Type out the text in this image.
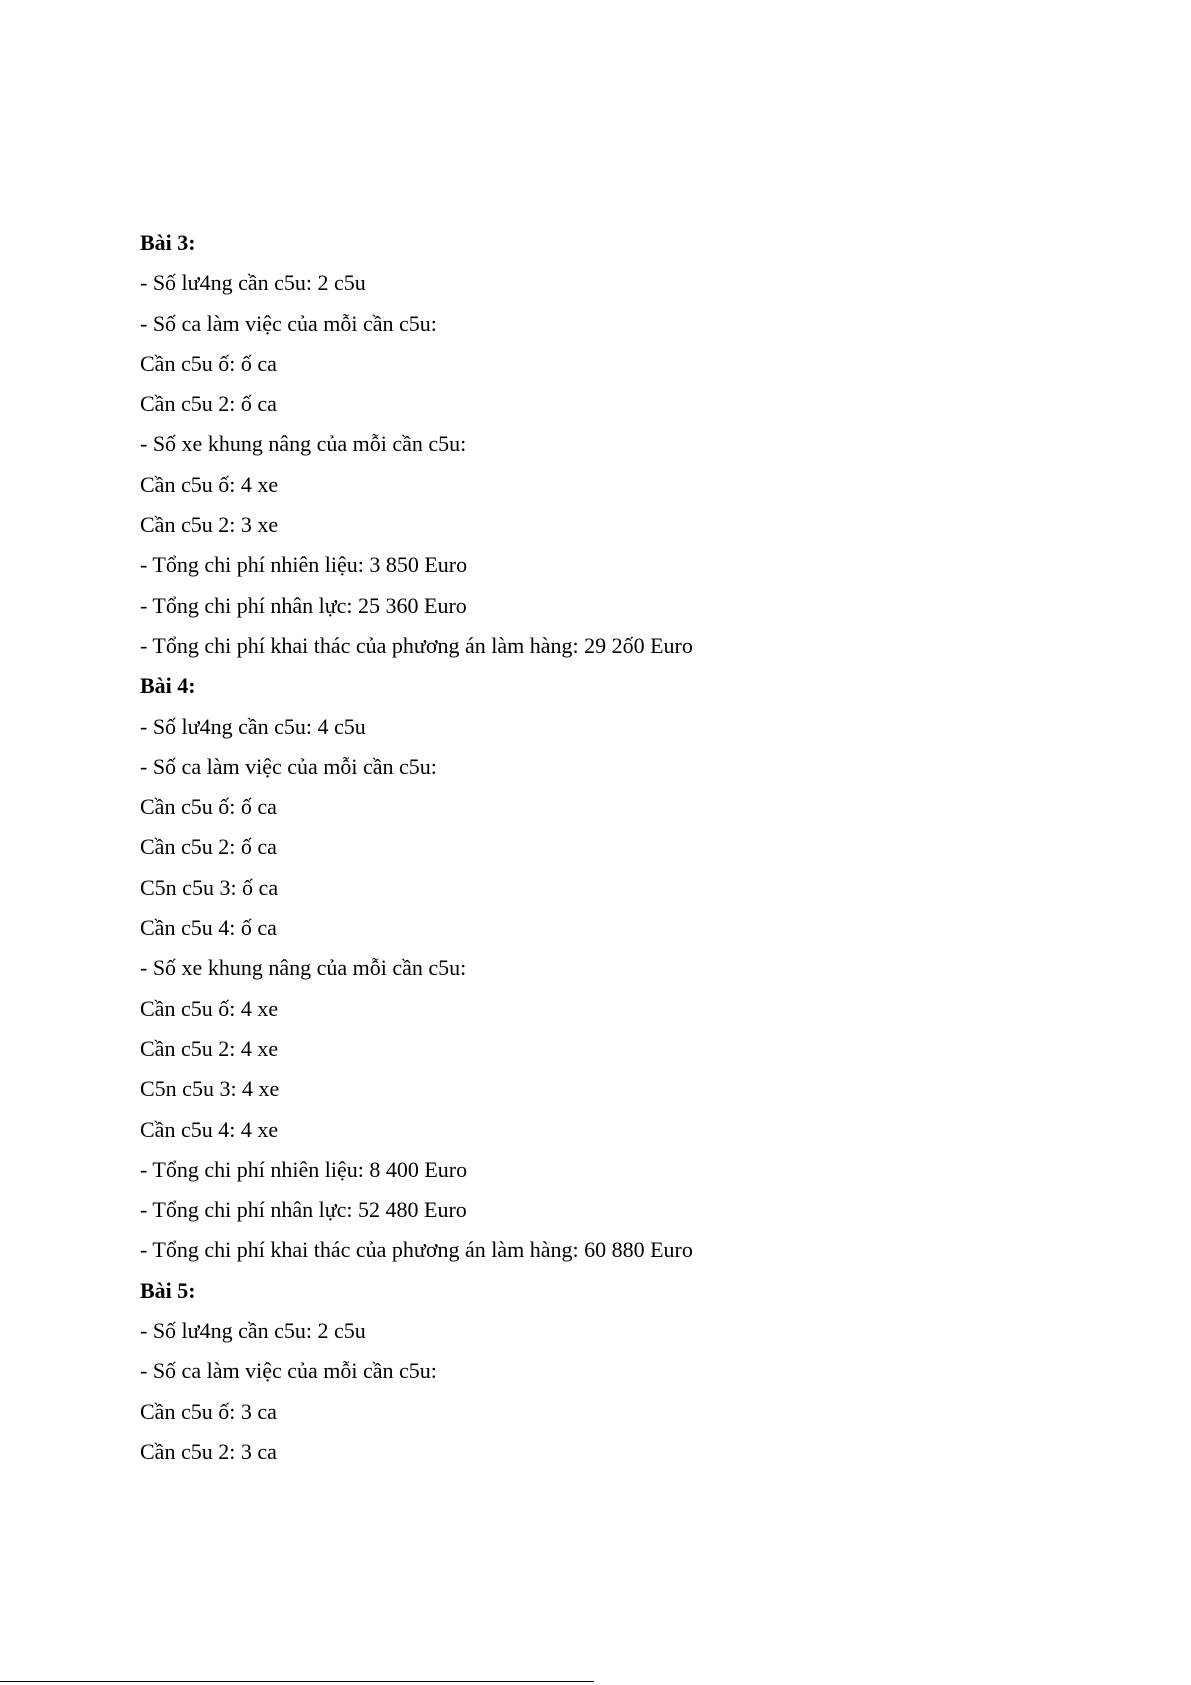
Bài 3:
- Số lư4ng cần c5u: 2 c5u
- Số ca làm việc của mỗi cần c5u:
Cần c5u ố: ố ca
Cần c5u 2: ố ca
- Số xe khung nâng của mỗi cần c5u:
Cần c5u ố: 4 xe
Cần c5u 2: 3 xe
- Tổng chi phí nhiên liệu: 3 850 Euro
- Tổng chi phí nhân lực: 25 360 Euro
- Tổng chi phí khai thác của phương án làm hàng: 29 2ố0 Euro
Bài 4:
- Số lư4ng cần c5u: 4 c5u
- Số ca làm việc của mỗi cần c5u:
Cần c5u ố: ố ca
Cần c5u 2: ố ca
C5n c5u 3: ố ca
Cần c5u 4: ố ca
- Số xe khung nâng của mỗi cần c5u:
Cần c5u ố: 4 xe
Cần c5u 2: 4 xe
C5n c5u 3: 4 xe
Cần c5u 4: 4 xe
- Tổng chi phí nhiên liệu: 8 400 Euro
- Tổng chi phí nhân lực: 52 480 Euro
- Tổng chi phí khai thác của phương án làm hàng: 60 880 Euro
Bài 5:
- Số lư4ng cần c5u: 2 c5u
- Số ca làm việc của mỗi cần c5u:
Cần c5u ố: 3 ca
Cần c5u 2: 3 ca
